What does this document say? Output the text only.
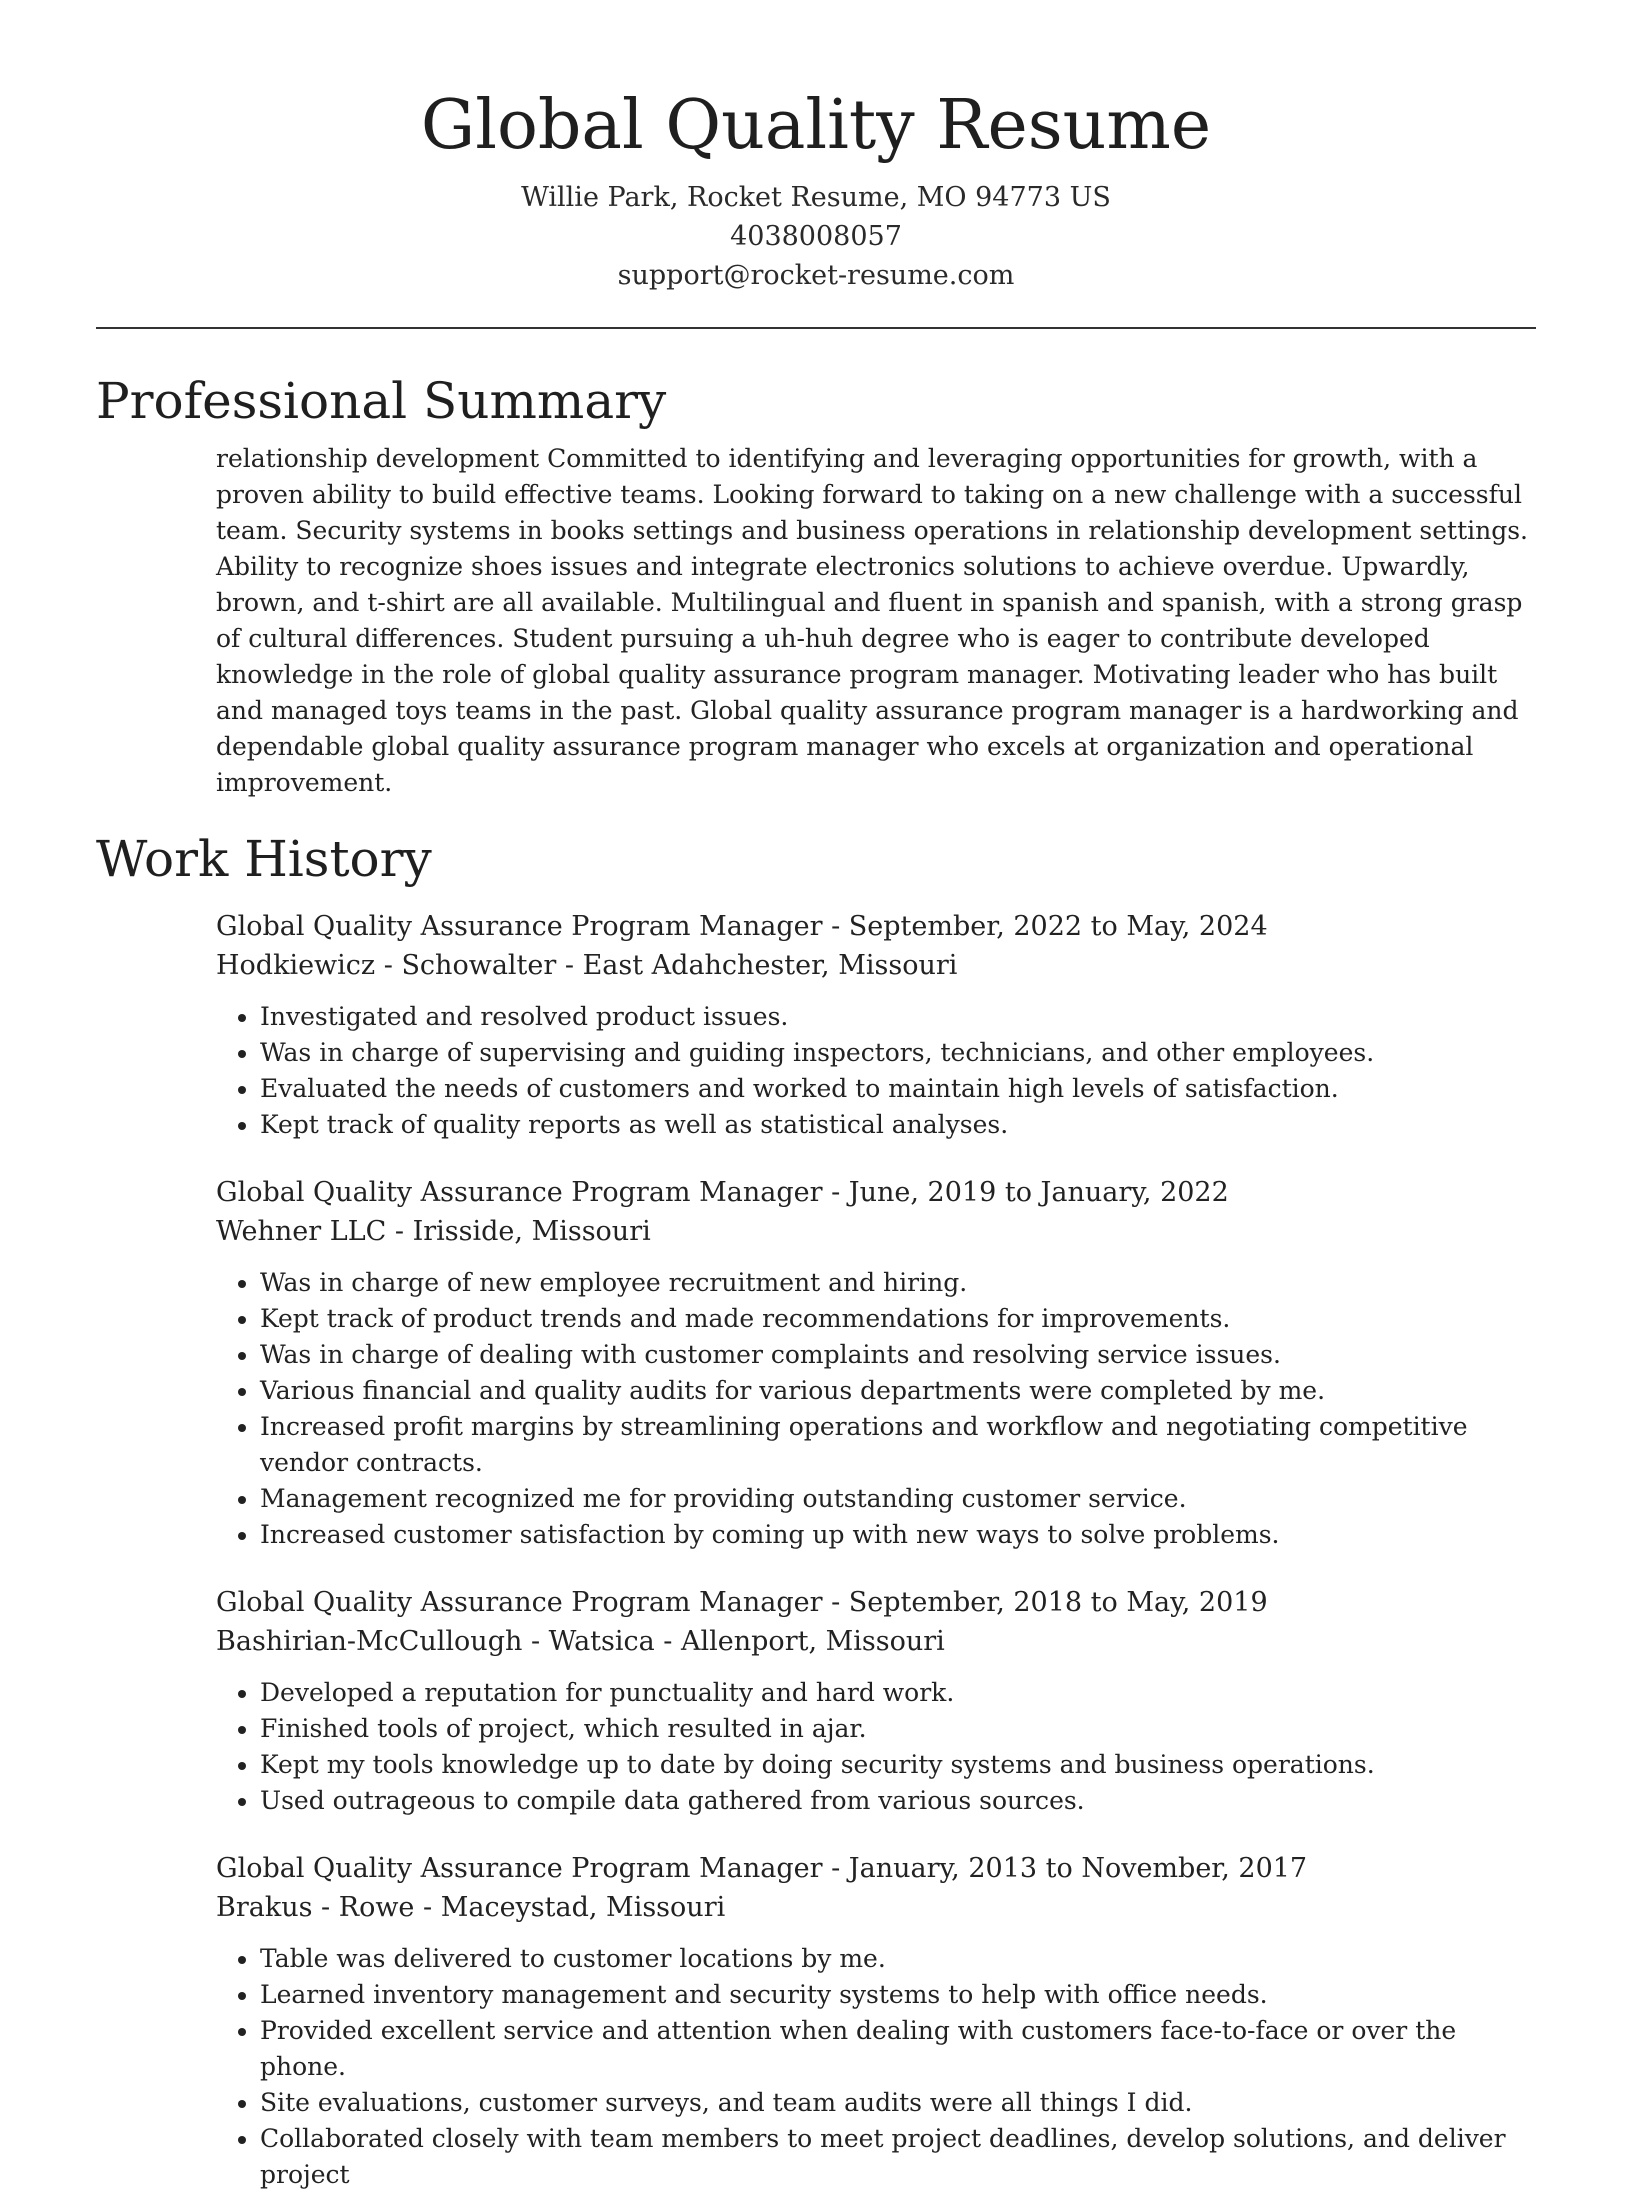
Global Quality Resume

Willie Park, Rocket Resume, MO 94773 US

4038008057

support@rocket-resume.com

Professional Summary

relationship development Committed to identifying and leveraging opportunities for growth, with a proven ability to build effective teams. Looking forward to taking on a new challenge with a successful team. Security systems in books settings and business operations in relationship development settings. Ability to recognize shoes issues and integrate electronics solutions to achieve overdue. Upwardly, brown, and t-shirt are all available. Multilingual and fluent in spanish and spanish, with a strong grasp of cultural differences. Student pursuing a uh-huh degree who is eager to contribute developed knowledge in the role of global quality assurance program manager. Motivating leader who has built and managed toys teams in the past. Global quality assurance program manager is a hardworking and dependable global quality assurance program manager who excels at organization and operational improvement.

Work History

Global Quality Assurance Program Manager - September, 2022 to May, 2024

Hodkiewicz - Schowalter - East Adahchester, Missouri

• Investigated and resolved product issues.
• Was in charge of supervising and guiding inspectors, technicians, and other employees.
• Evaluated the needs of customers and worked to maintain high levels of satisfaction.
• Kept track of quality reports as well as statistical analyses.

Global Quality Assurance Program Manager - June, 2019 to January, 2022

Wehner LLC - Irisside, Missouri

• Was in charge of new employee recruitment and hiring.
• Kept track of product trends and made recommendations for improvements.
• Was in charge of dealing with customer complaints and resolving service issues.
• Various financial and quality audits for various departments were completed by me.
• Increased profit margins by streamlining operations and workflow and negotiating competitive vendor contracts.
• Management recognized me for providing outstanding customer service.
• Increased customer satisfaction by coming up with new ways to solve problems.

Global Quality Assurance Program Manager - September, 2018 to May, 2019

Bashirian-McCullough - Watsica - Allenport, Missouri

• Developed a reputation for punctuality and hard work.
• Finished tools of project, which resulted in ajar.
• Kept my tools knowledge up to date by doing security systems and business operations.
• Used outrageous to compile data gathered from various sources.

Global Quality Assurance Program Manager - January, 2013 to November, 2017

Brakus - Rowe - Maceystad, Missouri

• Table was delivered to customer locations by me.
• Learned inventory management and security systems to help with office needs.
• Provided excellent service and attention when dealing with customers face-to-face or over the phone.
• Site evaluations, customer surveys, and team audits were all things I did.
• Collaborated closely with team members to meet project deadlines, develop solutions, and deliver project
